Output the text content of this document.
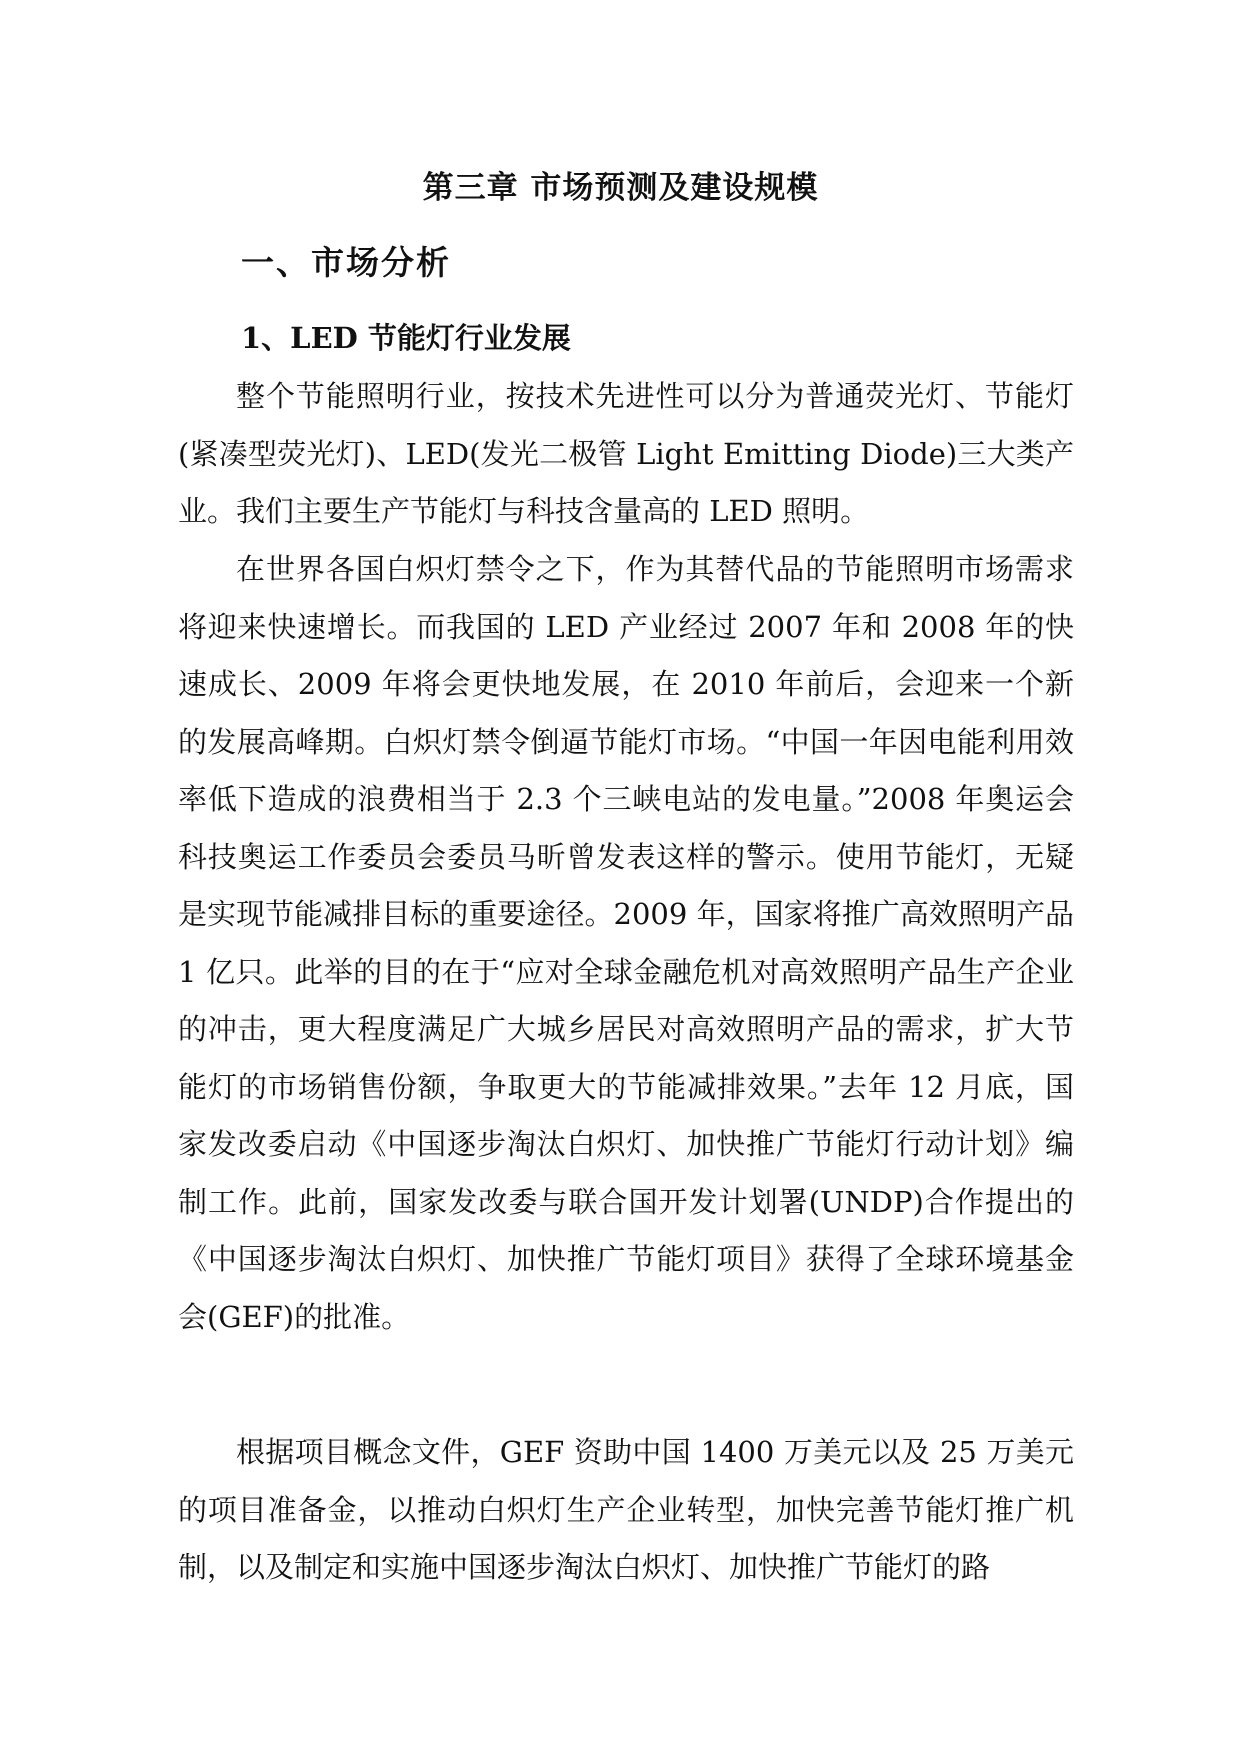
第三章 市场预测及建设规模
一、市场分析
1、LED 节能灯行业发展

整个节能照明行业，按技术先进性可以分为普通荧光灯、节能灯(紧凑型荧光灯)、LED(发光二极管 Light Emitting Diode)三大类产业。我们主要生产节能灯与科技含量高的 LED 照明。

在世界各国白炽灯禁令之下，作为其替代品的节能照明市场需求将迎来快速增长。而我国的 LED 产业经过 2007 年和 2008 年的快速成长、2009 年将会更快地发展，在 2010 年前后，会迎来一个新的发展高峰期。白炽灯禁令倒逼节能灯市场。“中国一年因电能利用效率低下造成的浪费相当于 2.3 个三峡电站的发电量。”2008 年奥运会科技奥运工作委员会委员马昕曾发表这样的警示。使用节能灯，无疑是实现节能减排目标的重要途径。2009 年，国家将推广高效照明产品 1 亿只。此举的目的在于“应对全球金融危机对高效照明产品生产企业的冲击，更大程度满足广大城乡居民对高效照明产品的需求，扩大节能灯的市场销售份额，争取更大的节能减排效果。”去年 12 月底，国家发改委启动《中国逐步淘汰白炽灯、加快推广节能灯行动计划》编制工作。此前，国家发改委与联合国开发计划署(UNDP)合作提出的《中国逐步淘汰白炽灯、加快推广节能灯项目》获得了全球环境基金会(GEF)的批准。

根据项目概念文件，GEF 资助中国 1400 万美元以及 25 万美元的项目准备金，以推动白炽灯生产企业转型，加快完善节能灯推广机制，以及制定和实施中国逐步淘汰白炽灯、加快推广节能灯的路
